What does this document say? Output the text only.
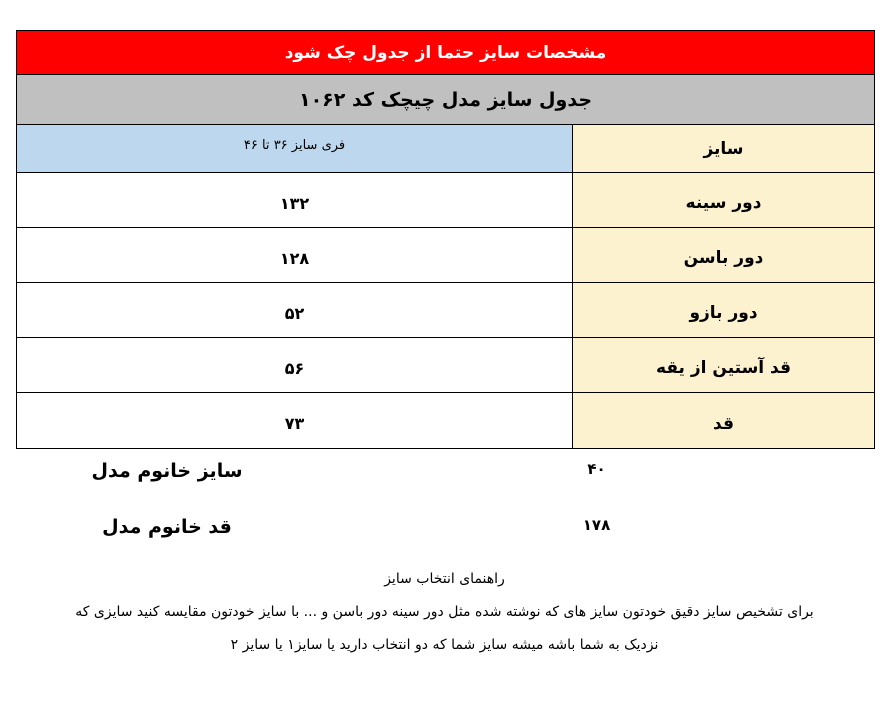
مشخصات سایز حتما از جدول چک شود
جدول سایز مدل چیچک کد ۱۰۶۲
سایز
فری سایز ۳۶ تا ۴۶
دور سینه
۱۳۲
دور باسن
۱۲۸
دور بازو
۵۲
قد آستین از یقه
۵۶
قد
۷۳
سایز خانوم مدل	۴۰
قد خانوم مدل	۱۷۸
راهنمای انتخاب سایز
برای تشخیص سایز دقیق خودتون سایز های که نوشته شده مثل دور سینه دور باسن و ... با سایز خودتون مقایسه کنید سایزی که
نزدیک به شما باشه میشه سایز شما که دو انتخاب دارید یا سایز۱ یا سایز ۲
